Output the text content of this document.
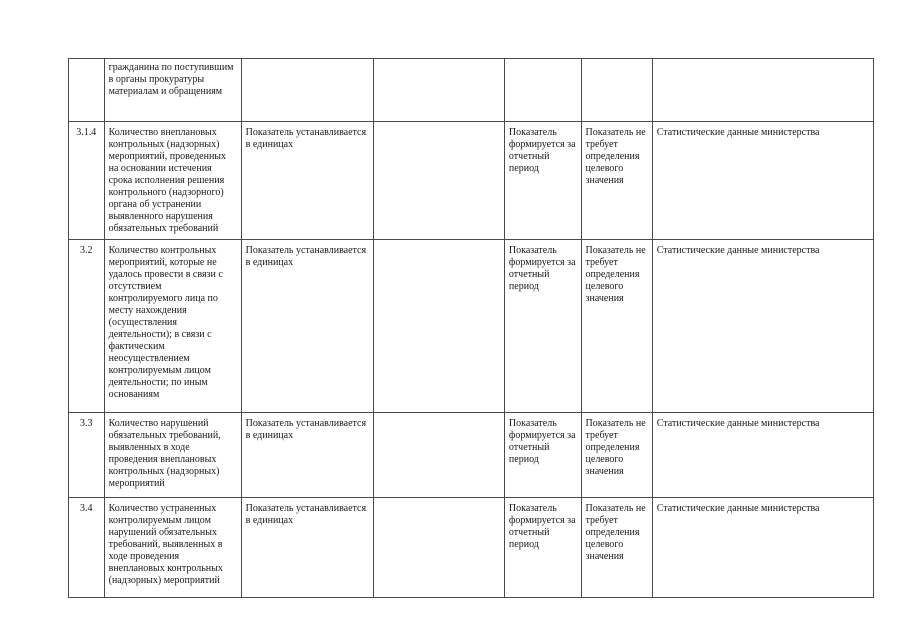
	гражданина по поступившим в органы прокуратуры материалам и обращениям					
3.1.4	Количество внеплановых контрольных (надзорных) мероприятий, проведенных на основании истечения срока исполнения решения контрольного (надзорного) органа об устранении выявленного нарушения обязательных требований	Показатель устанавливается в единицах		Показатель формируется за отчетный период	Показатель не требует определения целевого значения	Статистические данные министерства
3.2	Количество контрольных мероприятий, которые не удалось провести в связи с отсутствием контролируемого лица по месту нахождения (осуществления деятельности); в связи с фактическим неосуществлением контролируемым лицом деятельности; по иным основаниям	Показатель устанавливается в единицах		Показатель формируется за отчетный период	Показатель не требует определения целевого значения	Статистические данные министерства
3.3	Количество нарушений обязательных требований, выявленных в ходе проведения внеплановых контрольных (надзорных) мероприятий	Показатель устанавливается в единицах		Показатель формируется за отчетный период	Показатель не требует определения целевого значения	Статистические данные министерства
3.4	Количество устраненных контролируемым лицом нарушений обязательных требований, выявленных в ходе проведения внеплановых контрольных (надзорных) мероприятий	Показатель устанавливается в единицах		Показатель формируется за отчетный период	Показатель не требует определения целевого значения	Статистические данные министерства
